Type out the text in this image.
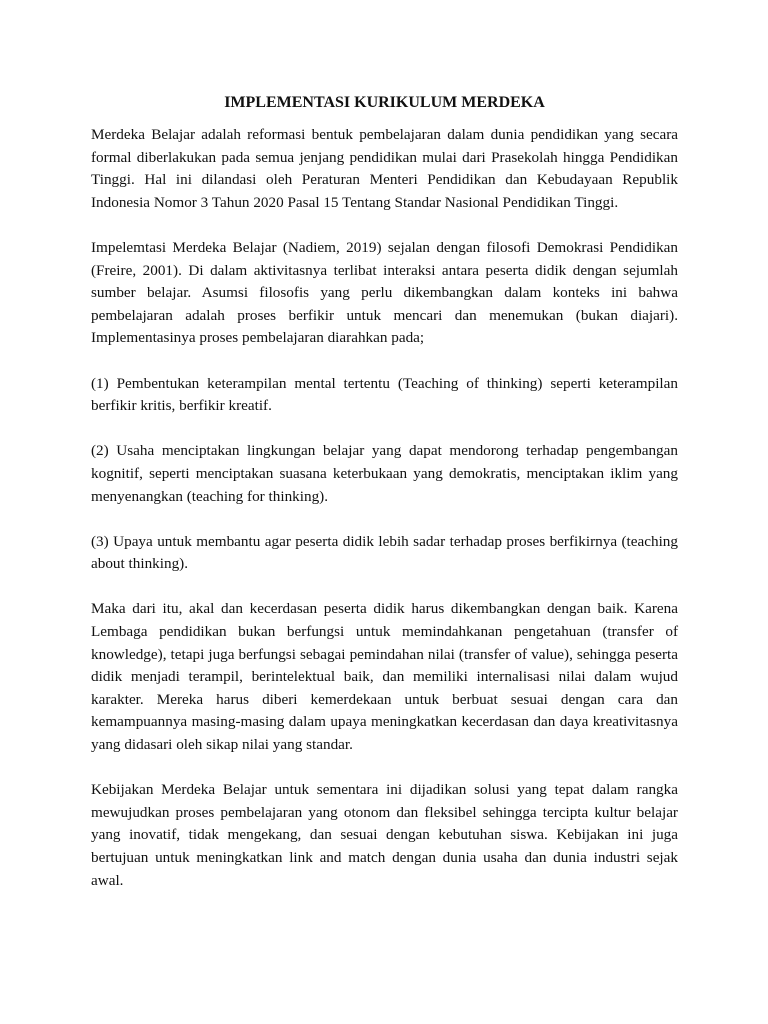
IMPLEMENTASI KURIKULUM MERDEKA

Merdeka Belajar adalah reformasi bentuk pembelajaran dalam dunia pendidikan yang secara formal diberlakukan pada semua jenjang pendidikan mulai dari Prasekolah hingga Pendidikan Tinggi. Hal ini dilandasi oleh Peraturan Menteri Pendidikan dan Kebudayaan Republik Indonesia Nomor 3 Tahun 2020 Pasal 15 Tentang Standar Nasional Pendidikan Tinggi.

Impelemtasi Merdeka Belajar (Nadiem, 2019) sejalan dengan filosofi Demokrasi Pendidikan (Freire, 2001). Di dalam aktivitasnya terlibat interaksi antara peserta didik dengan sejumlah sumber belajar. Asumsi filosofis yang perlu dikembangkan dalam konteks ini bahwa pembelajaran adalah proses berfikir untuk mencari dan menemukan (bukan diajari). Implementasinya proses pembelajaran diarahkan pada;

(1) Pembentukan keterampilan mental tertentu (Teaching of thinking) seperti keterampilan berfikir kritis, berfikir kreatif.

(2) Usaha menciptakan lingkungan belajar yang dapat mendorong terhadap pengembangan kognitif, seperti menciptakan suasana keterbukaan yang demokratis, menciptakan iklim yang menyenangkan (teaching for thinking).

(3) Upaya untuk membantu agar peserta didik lebih sadar terhadap proses berfikirnya (teaching about thinking).

Maka dari itu, akal dan kecerdasan peserta didik harus dikembangkan dengan baik. Karena Lembaga pendidikan bukan berfungsi untuk memindahkanan pengetahuan (transfer of knowledge), tetapi juga berfungsi sebagai pemindahan nilai (transfer of value), sehingga peserta didik menjadi terampil, berintelektual baik, dan memiliki internalisasi nilai dalam wujud karakter. Mereka harus diberi kemerdekaan untuk berbuat sesuai dengan cara dan kemampuannya masing-masing dalam upaya meningkatkan kecerdasan dan daya kreativitasnya yang didasari oleh sikap nilai yang standar.

Kebijakan Merdeka Belajar untuk sementara ini dijadikan solusi yang tepat dalam rangka mewujudkan proses pembelajaran yang otonom dan fleksibel sehingga tercipta kultur belajar yang inovatif, tidak mengekang, dan sesuai dengan kebutuhan siswa. Kebijakan ini juga bertujuan untuk meningkatkan link and match dengan dunia usaha dan dunia industri sejak awal.
